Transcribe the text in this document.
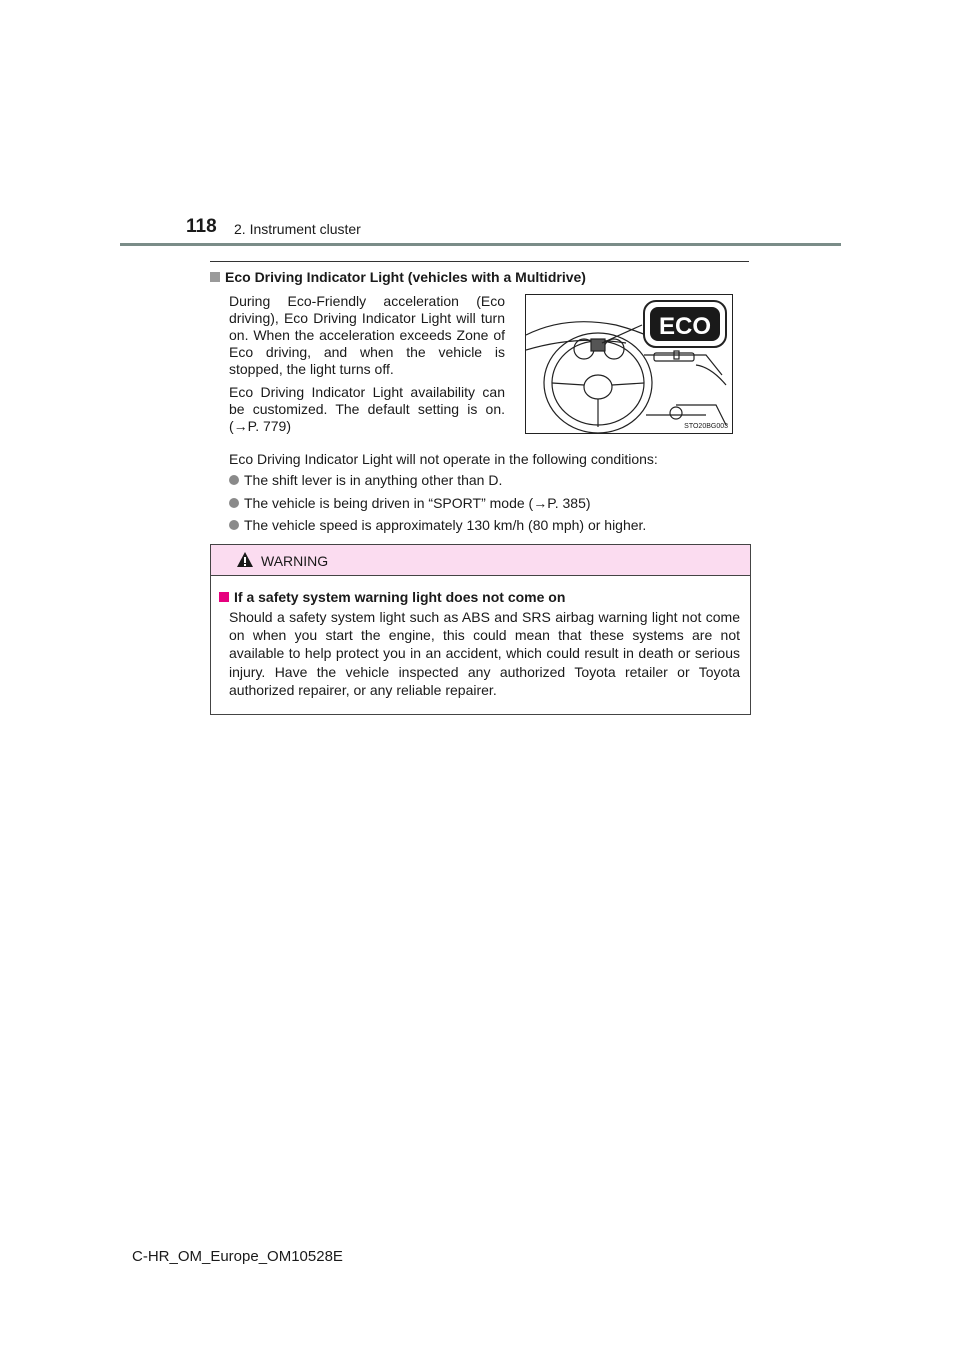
118 2. Instrument cluster
Eco Driving Indicator Light (vehicles with a Multidrive)
During Eco-Friendly acceleration (Eco driving), Eco Driving Indicator Light will turn on. When the acceleration exceeds Zone of Eco driving, and when the vehicle is stopped, the light turns off.
Eco Driving Indicator Light availability can be customized. The default setting is on. (→P. 779)
ECO
STO20BG003
Eco Driving Indicator Light will not operate in the following conditions:
The shift lever is in anything other than D.
The vehicle is being driven in “SPORT” mode (→P. 385)
The vehicle speed is approximately 130 km/h (80 mph) or higher.
WARNING
If a safety system warning light does not come on
Should a safety system light such as ABS and SRS airbag warning light not come on when you start the engine, this could mean that these systems are not available to help protect you in an accident, which could result in death or serious injury. Have the vehicle inspected any authorized Toyota retailer or Toyota authorized repairer, or any reliable repairer.
C-HR_OM_Europe_OM10528E
